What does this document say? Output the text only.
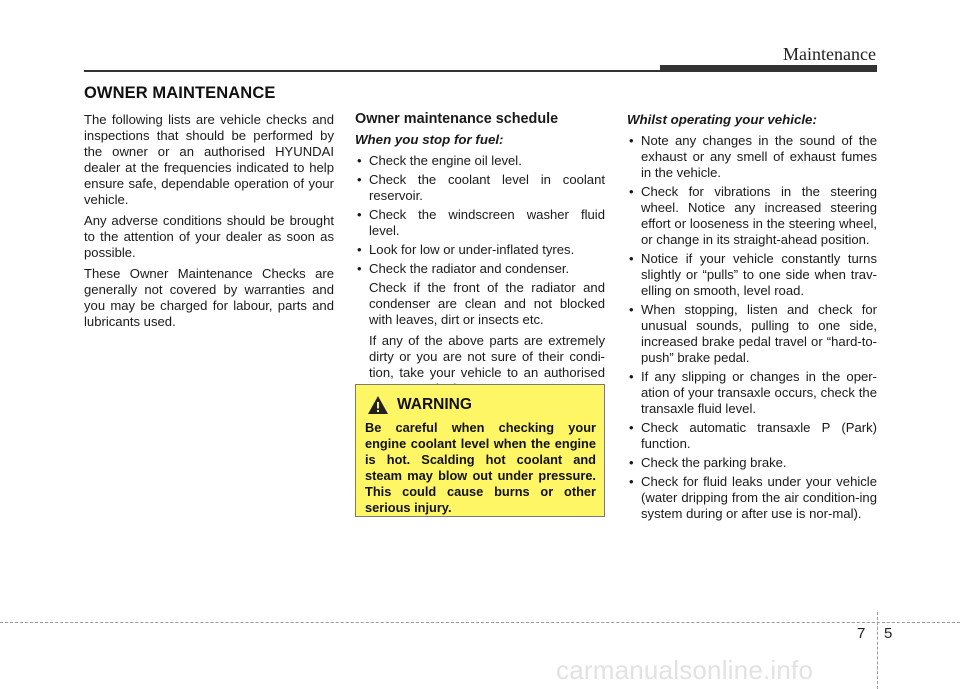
Maintenance
OWNER MAINTENANCE

The following lists are vehicle checks and inspections that should be performed by the owner or an authorised HYUNDAI dealer at the frequencies indicated to help ensure safe, dependable operation of your vehicle.

Any adverse conditions should be brought to the attention of your dealer as soon as possible.

These Owner Maintenance Checks are generally not covered by warranties and you may be charged for labour, parts and lubricants used.

Owner maintenance schedule
When you stop for fuel:
• Check the engine oil level.
• Check the coolant level in coolant reservoir.
• Check the windscreen washer fluid level.
• Look for low or under-inflated tyres.
• Check the radiator and condenser.
Check if the front of the radiator and condenser are clean and not blocked with leaves, dirt or insects etc.
If any of the above parts are extremely dirty or you are not sure of their condi-tion, take your vehicle to an authorised
WARNING
Be careful when checking your engine coolant level when the engine is hot. Scalding hot coolant and steam may blow out under pressure. This could cause burns or other serious injury.
Whilst operating your vehicle:
• Note any changes in the sound of the exhaust or any smell of exhaust fumes in the vehicle.
• Check for vibrations in the steering wheel. Notice any increased steering effort or looseness in the steering wheel, or change in its straight-ahead position.
• Notice if your vehicle constantly turns slightly or “pulls” to one side when trav-elling on smooth, level road.
• When stopping, listen and check for unusual sounds, pulling to one side, increased brake pedal travel or “hard-to-push” brake pedal.
• If any slipping or changes in the oper-ation of your transaxle occurs, check the transaxle fluid level.
• Check automatic transaxle P (Park) function.
• Check the parking brake.
• Check for fluid leaks under your vehicle (water dripping from the air condition-ing system during or after use is nor-mal).
7 5
carmanualsonline.info
